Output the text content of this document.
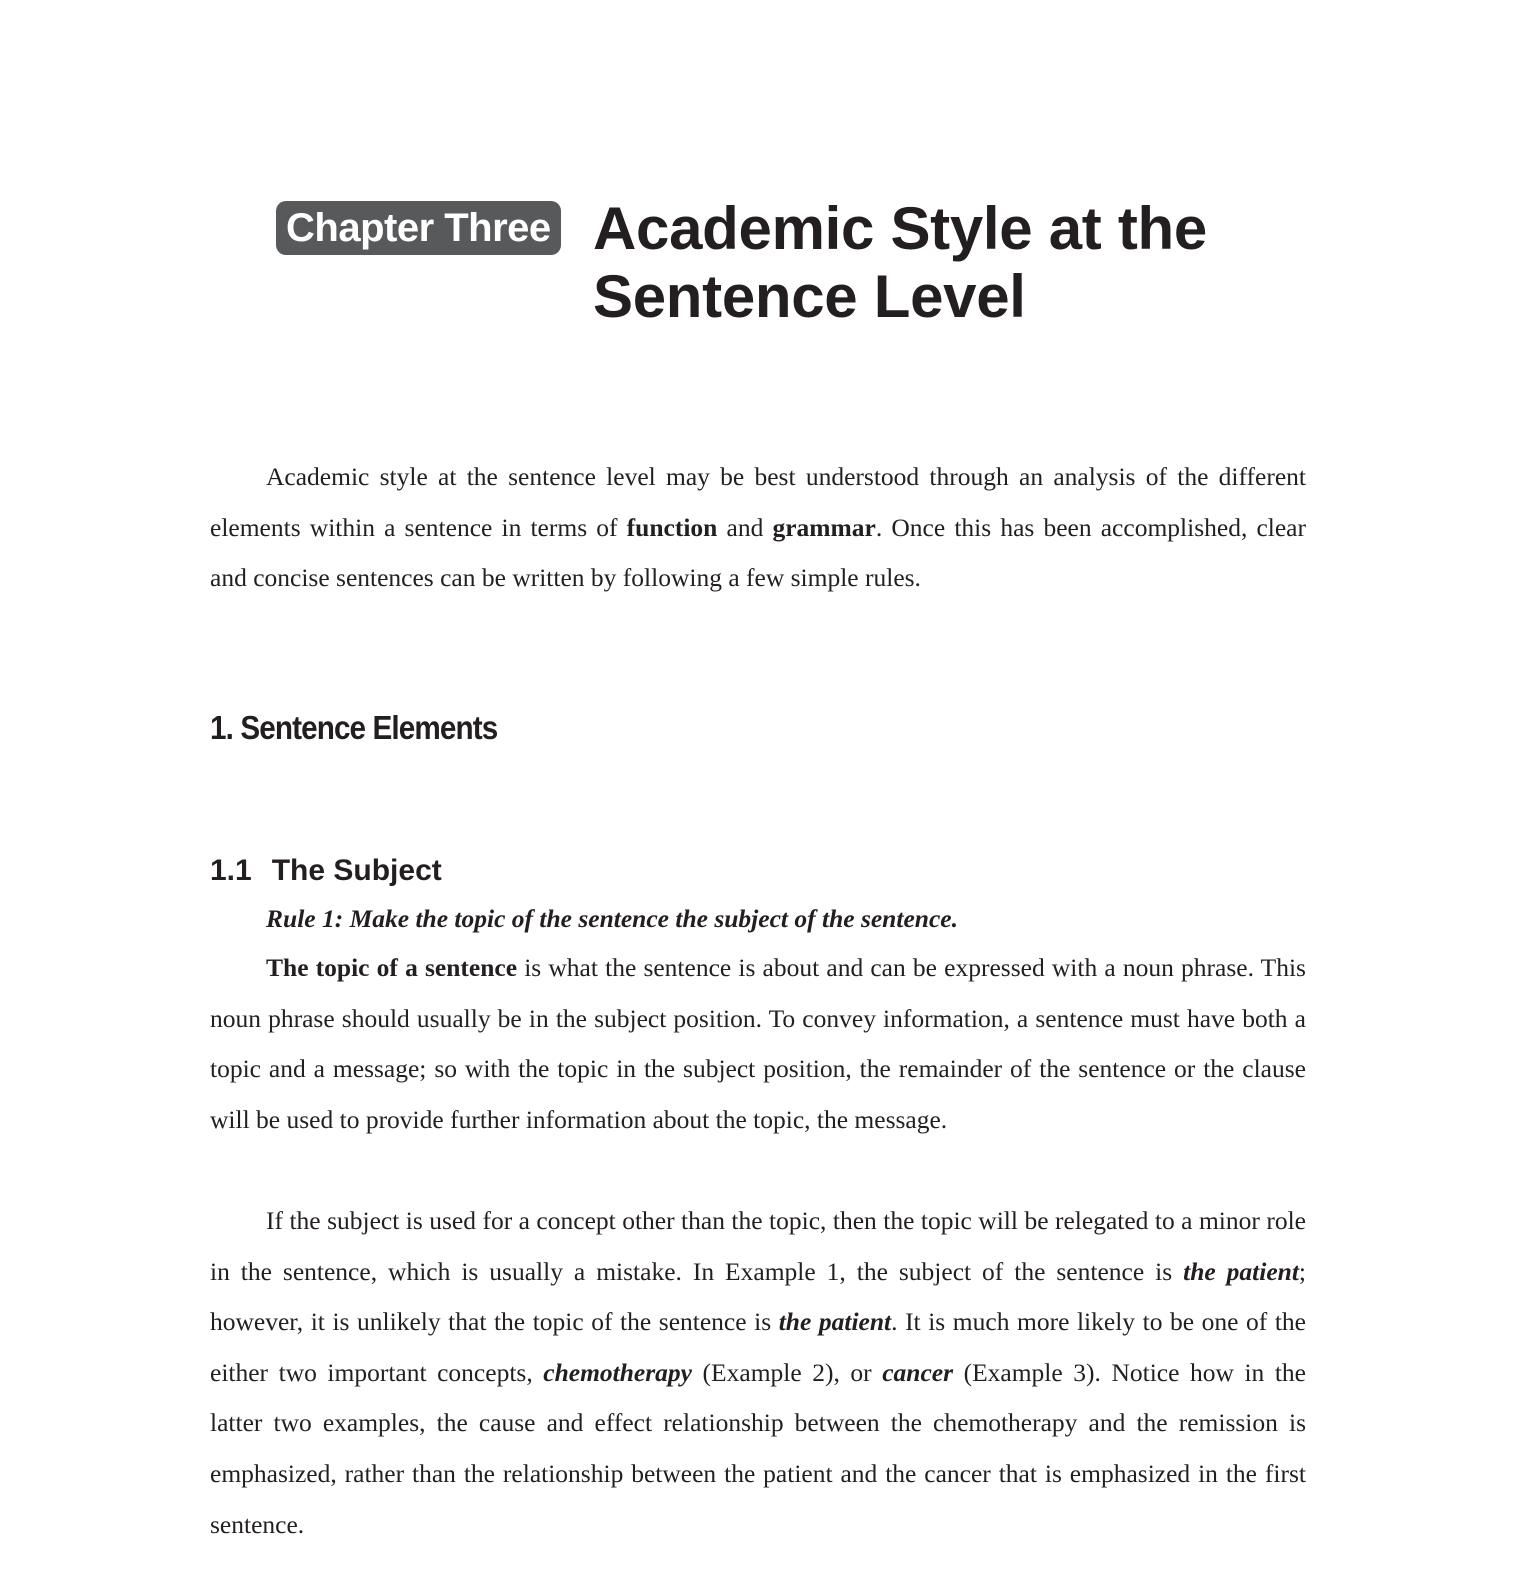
Chapter Three Academic Style at the
Sentence Level

Academic style at the sentence level may be best understood through an analysis of the different elements within a sentence in terms of function and grammar. Once this has been accomplished, clear and concise sentences can be written by following a few simple rules.

1. Sentence Elements
1.1 The Subject

Rule 1: Make the topic of the sentence the subject of the sentence.

The topic of a sentence is what the sentence is about and can be expressed with a noun phrase. This noun phrase should usually be in the subject position. To convey information, a sentence must have both a topic and a message; so with the topic in the subject position, the remainder of the sentence or the clause will be used to provide further information about the topic, the message.

If the subject is used for a concept other than the topic, then the topic will be relegated to a minor role in the sentence, which is usually a mistake. In Example 1, the subject of the sentence is the patient; however, it is unlikely that the topic of the sentence is the patient. It is much more likely to be one of the either two important concepts, chemotherapy (Example 2), or cancer (Example 3). Notice how in the latter two examples, the cause and effect relationship between the chemotherapy and the remission is emphasized, rather than the relationship between the patient and the cancer that is emphasized in the first sentence.
